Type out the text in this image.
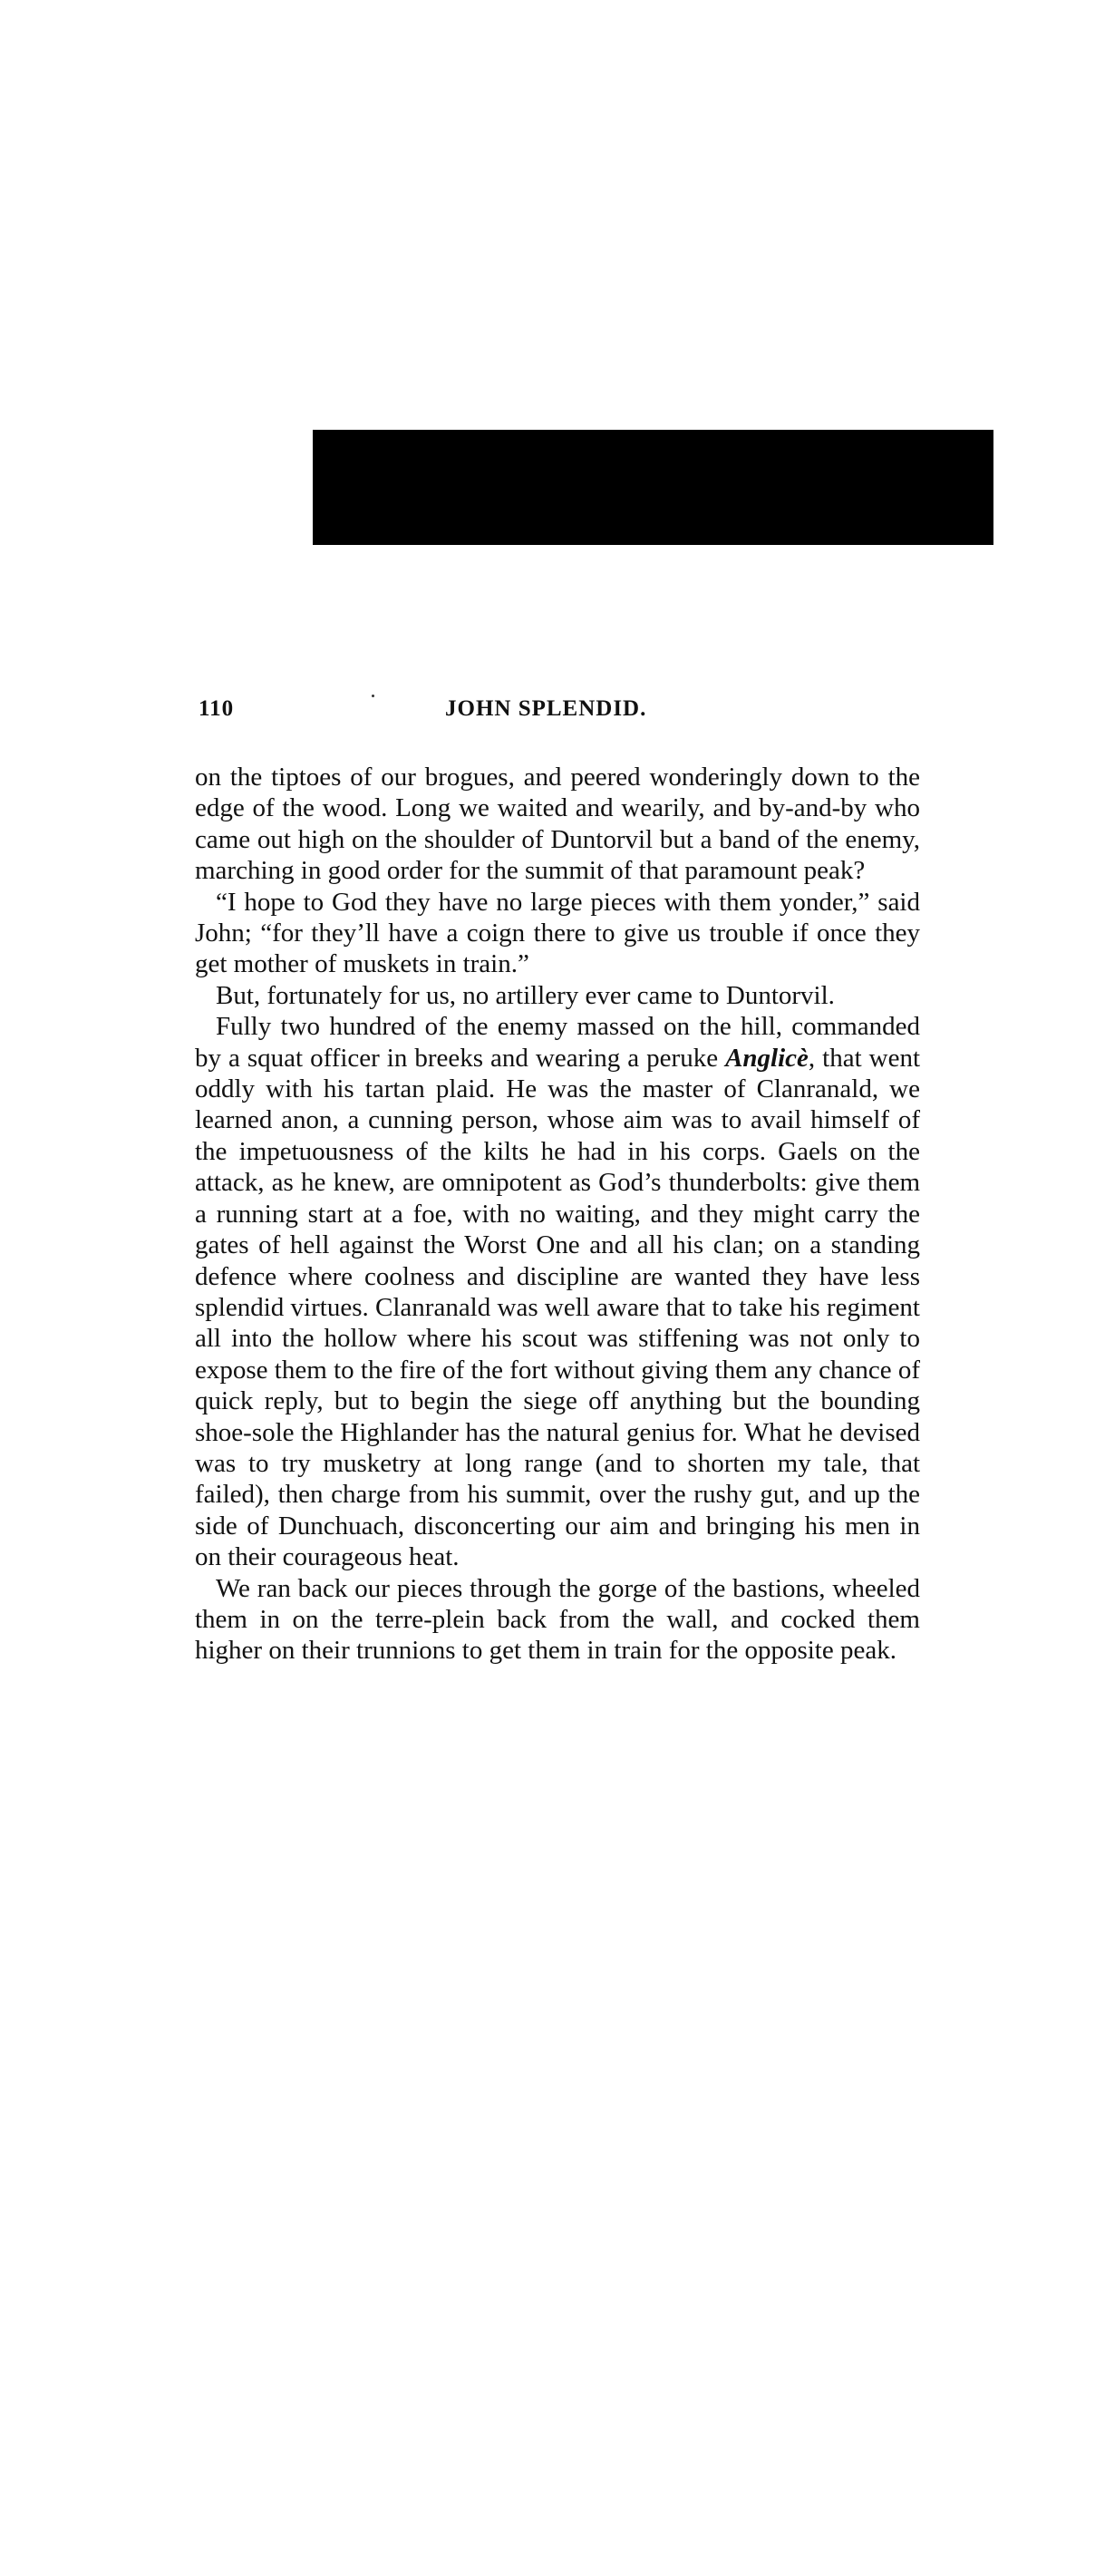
110	JOHN SPLENDID.

on the tiptoes of our brogues, and peered wonderingly down to the edge of the wood. Long we waited and wearily, and by-and-by who came out high on the shoulder of Duntorvil but a band of the enemy, marching in good order for the summit of that paramount peak?

“I hope to God they have no large pieces with them yonder,” said John; “for they’ll have a coign there to give us trouble if once they get mother of muskets in train.”

But, fortunately for us, no artillery ever came to Duntorvil.

Fully two hundred of the enemy massed on the hill, commanded by a squat officer in breeks and wearing a peruke Anglicè, that went oddly with his tartan plaid. He was the master of Clanranald, we learned anon, a cunning person, whose aim was to avail himself of the impetuousness of the kilts he had in his corps. Gaels on the attack, as he knew, are omnipotent as God’s thunderbolts: give them a running start at a foe, with no waiting, and they might carry the gates of hell against the Worst One and all his clan; on a standing defence where coolness and discipline are wanted they have less splendid virtues. Clanranald was well aware that to take his regiment all into the hollow where his scout was stiffening was not only to expose them to the fire of the fort without giving them any chance of quick reply, but to begin the siege off anything but the bounding shoe-sole the Highlander has the natural genius for. What he devised was to try musketry at long range (and to shorten my tale, that failed), then charge from his summit, over the rushy gut, and up the side of Dunchuach, disconcerting our aim and bringing his men in on their courageous heat.

We ran back our pieces through the gorge of the bastions, wheeled them in on the terre-plein back from the wall, and cocked them higher on their trunnions to get them in train for the opposite peak.
